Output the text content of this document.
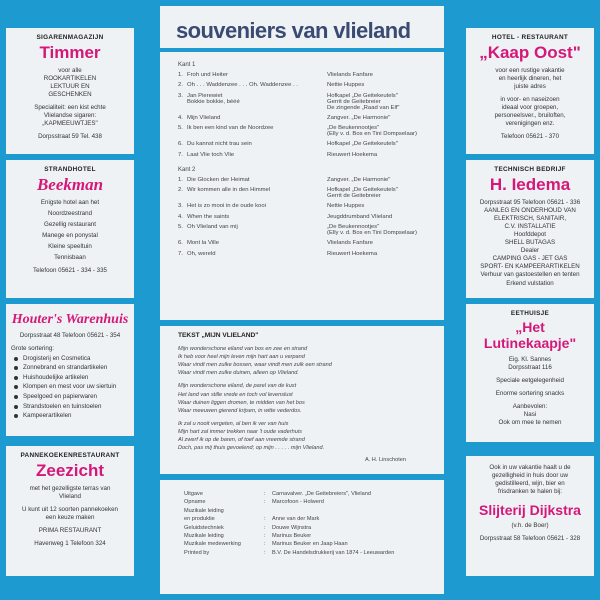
SIGARENMAGAZIJN
Timmer

voor alle

ROOKARTIKELEN

LEKTUUR EN

GESCHENKEN

Specialiteit: een kist echte

Vlielandse sigaren:

„KAPMEEUWTJES"

Dorpsstraat 59 Tel. 438

STRANDHOTEL
Beekman

Enigste hotel aan het

Noordzeestrand

Gezellig restaurant

Manege en ponystal

Kleine speeltuin

Tennisbaan

Telefoon 05621 - 334 - 335

Houter's Warenhuis

Dorpsstraat 48 Telefoon 05621 - 354

Grote sortering:

Drogisterij en Cosmetica
Zonnebrand en strandartikelen
Huishoudelijke artikelen
Klompen en mest voor uw siertuin
Speelgoed en papierwaren
Strandstoelen en tuinstoelen
Kampeerartikelen
PANNEKOEKENRESTAURANT
Zeezicht

met het gezelligste terras van

Vlieland

U kunt uit 12 soorten pannekoeken

een keuze maken

PRIMA RESTAURANT

Havenweg 1 Telefoon 324

souveniers van vlieland
Kant 1
1. Froh und Heiter	Vlielands Fanfare
2. Oh . . . Waddenzee . . . Oh. Waddenzee . .	Nettie Huppes
3. Jan Pierewiet
Bokkie bokkie, bééé
Hofkapel „De Geitekeutels"
Gerrit de Geitebreier
De zingende „Raad van Elf"
4. Mijn Vlieland	Zangver. „De Harmonie"
5. Ik ben een kind van de Noordzee	„De Beukennootjes"
(Elly v. d. Bos en Tini Dompselaar)
6. Du kannst nicht trau sein	Hofkapel „De Geitekeutels"
7. Laat Vlie toch Vlie	Rieuwert Hoekema
Kant 2
1. Die Glocken der Heimat	Zangver. „De Harmonie"
2. Wir kommen alle in den Himmel	Hofkapel „De Geitekeutels"
Gerrit de Geitebreier
3. Het is zo mooi in de oude kooi	Nettie Huppes
4. When the saints	Jeugddrumband Vlieland
5. Oh Vlieland van mij	„De Beukennootjes"
(Elly v. d. Bos en Tini Dompselaar)
6. Mont la Ville	Vlielands Fanfare
7. Oh, wereld	Rieuwert Hoekema
TEKST „MIJN VLIELAND"
Mijn wonderschone eiland van bos en zee en strand
Ik heb voor heel mijn leven mijn hart aan u verpand
Waar vindt men zulke bossen, waar vindt men zulk een strand
Waar vindt men zulke duinen, alleen op Vlieland.
Mijn wonderschone eiland, de parel van de kust
Het land van stille vrede en toch vol levenslust
Waar duinen liggen dromen, te midden van het bos
Waar meeuwen gierend krijsen, in witte vederdos.
Ik zal u nooit vergeten, al ben ik ver van huis
Mijn hart zal immer trekken naar 't oude vaderhuis
Al zwerf ik op de baren, of toef aan vreemde strand
Doch, pas mij thuis gevoelend; op mijn . . . . . mijn Vlieland.
A. H. Linschoten
Uitgave	:	Carnavalver. „De Geitebreiers", Vlieland
Opname	:	Marcofoon - Holwerd
Muzikale leiding
en produktie	:	Anne van der Mark
Geluidstechniek	:	Douwe Wijnstra
Muzikale leiding	:	Marinus Beuker
Muzikale medewerking	:	Marinus Beuker en Jaap Haan
Printed by	:	B.V. De Handelsdrukkerij van 1874 - Leeuwarden
HOTEL - RESTAURANT
„Kaap Oost"

voor een rustige vakantie

en heerlijk dineren, het

juiste adres

in voor- en naseizoen

ideaal voor groepen,

personeelsver., bruiloften,

verenigingen enz.

Telefoon 05621 - 370

TECHNISCH BEDRIJF
H. Iedema

Dorpsstraat 95 Telefoon 05621 - 336

AANLEG EN ONDERHOUD VAN

ELEKTRISCH, SANITAIR,

C.V. INSTALLATIE

Hoofddepot

SHELL BUTAGAS

Dealer

CAMPING GAS - JET GAS

SPORT- EN KAMPEERARTIKELEN

Verhuur van gastoestellen en tenten

Erkend vulstation

EETHUISJE
„Het Lutinekaapje"

Eig. Kl. Sannes

Dorpsstraat 116

Speciale eetgelegenheid

Enorme sortering snacks

Aanbevolen:

Nasi

Ook om mee te nemen

Ook in uw vakantie haalt u de

gezelligheid in huis door uw

gedistilleerd, wijn, bier en

frisdranken te halen bij:

Slijterij Dijkstra

(v.h. de Boer)

Dorpsstraat 58 Telefoon 05621 - 328
